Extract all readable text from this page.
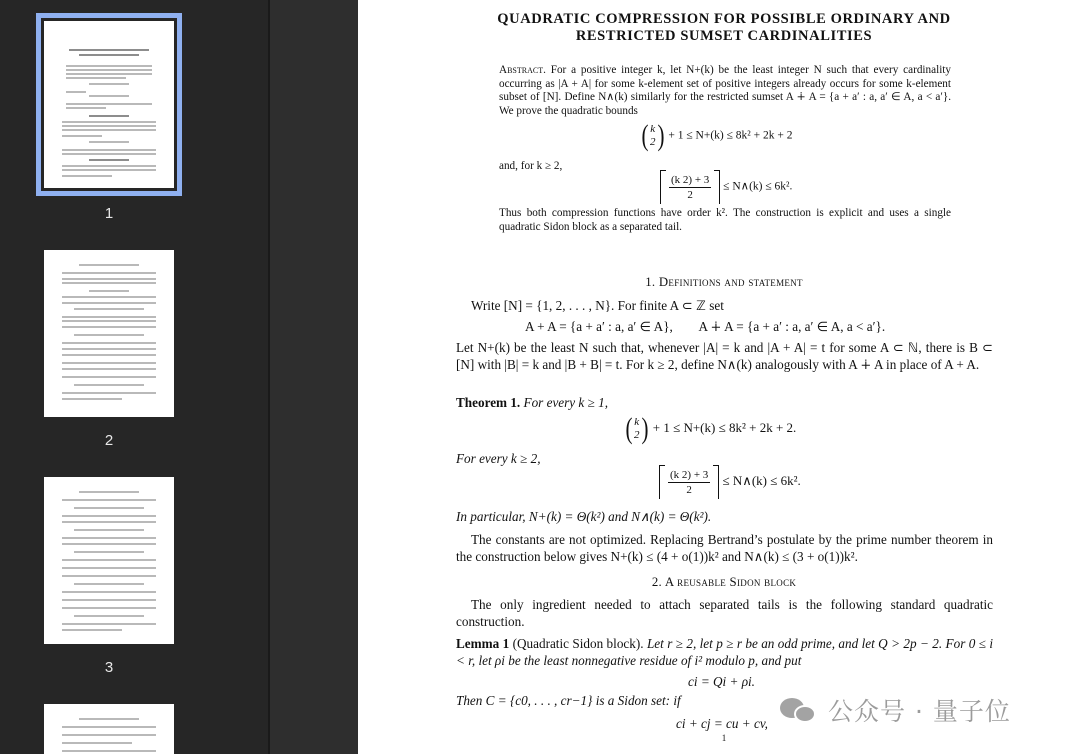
1
2
3
QUADRATIC COMPRESSION FOR POSSIBLE ORDINARY AND
RESTRICTED SUMSET CARDINALITIES
Abstract. For a positive integer k, let N+(k) be the least integer N such that every cardinality occurring as |A + A| for some k-element set of positive integers already occurs for some k-element subset of [N]. Define N∧(k) similarly for the restricted sumset A ∔ A = {a + a′ : a, a′ ∈ A, a < a′}. We prove the quadratic bounds
( k
2 ) + 1 ≤ N+(k) ≤ 8k² + 2k + 2
and, for k ≥ 2,
$\frac{(k 2) + 3}{2}$ ≤ N∧(k) ≤ 6k².
Thus both compression functions have order k². The construction is explicit and uses a single quadratic Sidon block as a separated tail.
1. Definitions and statement
Write [N] = {1, 2, . . . , N}. For finite A ⊂ ℤ set
A + A = {a + a′ : a, a′ ∈ A},        A ∔ A = {a + a′ : a, a′ ∈ A, a < a′}.
Let N+(k) be the least N such that, whenever |A| = k and |A + A| = t for some A ⊂ ℕ, there is B ⊂ [N] with |B| = k and |B + B| = t. For k ≥ 2, define N∧(k) analogously with A ∔ A in place of A + A.
Theorem 1. For every k ≥ 1,
( k
2 ) + 1 ≤ N+(k) ≤ 8k² + 2k + 2.
For every k ≥ 2,
$\frac{(k 2) + 3}{2}$ ≤ N∧(k) ≤ 6k².
In particular, N+(k) = Θ(k²) and N∧(k) = Θ(k²).
The constants are not optimized. Replacing Bertrand’s postulate by the prime number theorem in the construction below gives N+(k) ≤ (4 + o(1))k² and N∧(k) ≤ (3 + o(1))k².
2. A reusable Sidon block
The only ingredient needed to attach separated tails is the following standard quadratic construction.
Lemma 1 (Quadratic Sidon block). Let r ≥ 2, let p ≥ r be an odd prime, and let Q > 2p − 2. For 0 ≤ i < r, let ρi be the least nonnegative residue of i² modulo p, and put
ci = Qi + ρi.
Then C = {c0, . . . , cr−1} is a Sidon set: if
ci + cj = cu + cv,
1
公众号 · 量子位
